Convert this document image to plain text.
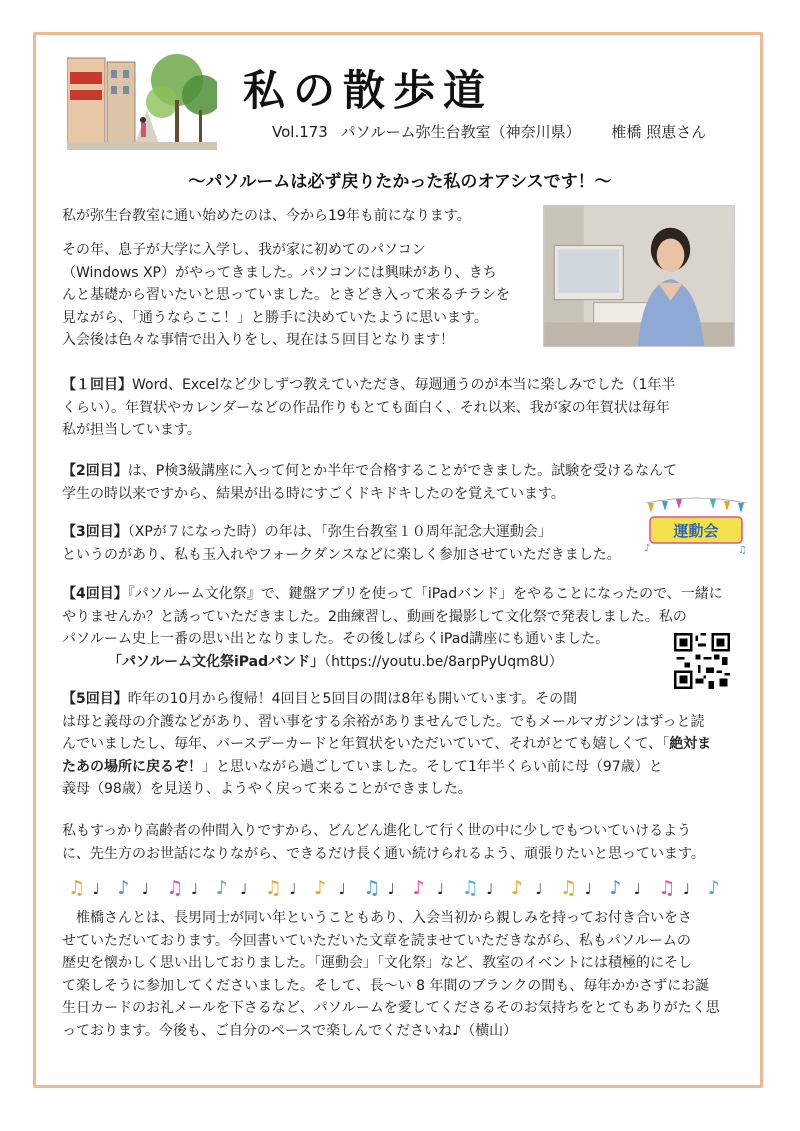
私の散歩道
Vol.173 パソルーム弥生台教室（神奈川県） 椎橋 照恵さん
～パソルームは必ず戻りたかった私のオアシスです！～

私が弥生台教室に通い始めたのは、今から19年も前になります。

その年、息子が大学に入学し、我が家に初めてのパソコン

（Windows XP）がやってきました。パソコンには興味があり、きち

んと基礎から習いたいと思っていました。ときどき入って来るチラシを

見ながら、「通うならここ！」と勝手に決めていたように思います。

入会後は色々な事情で出入りをし、現在は５回目となります！

【１回目】Word、Excelなど少しずつ教えていただき、毎週通うのが本当に楽しみでした（1年半

くらい）。年賀状やカレンダーなどの作品作りもとても面白く、それ以来、我が家の年賀状は毎年

私が担当しています。

【2回目】は、P検3級講座に入って何とか半年で合格することができました。試験を受けるなんて

学生の時以来ですから、結果が出る時にすごくドキドキしたのを覚えています。

【3回目】（XPが７になった時）の年は、「弥生台教室１０周年記念大運動会」

というのがあり、私も玉入れやフォークダンスなどに楽しく参加させていただきました。

運動会
♪	♫

【4回目】『パソルーム文化祭』で、鍵盤アプリを使って「iPadバンド」をやることになったので、一緒に

やりませんか？と誘っていただきました。2曲練習し、動画を撮影して文化祭で発表しました。私の

パソルーム史上一番の思い出となりました。その後しばらくiPad講座にも通いました。

「パソルーム文化祭iPadバンド」（https://youtu.be/8arpPyUqm8U）

【5回目】昨年の10月から復帰！4回目と5回目の間は8年も開いています。その間

は母と義母の介護などがあり、習い事をする余裕がありませんでした。でもメールマガジンはずっと読

んでいましたし、毎年、バースデーカードと年賀状をいただいていて、それがとても嬉しくて、「絶対ま

たあの場所に戻るぞ！」と思いながら過ごしていました。そして1年半くらい前に母（97歳）と

義母（98歳）を見送り、ようやく戻って来ることができました。

私もすっかり高齢者の仲間入りですから、どんどん進化して行く世の中に少しでもついていけるよう

に、先生方のお世話になりながら、できるだけ長く通い続けられるよう、頑張りたいと思っています。

♫ ♩ ♪ ♩ ♫ ♩ ♪ ♩ ♫ ♩ ♪ ♩ ♫ ♩ ♪ ♩ ♫ ♩ ♪ ♩ ♫ ♩ ♪ ♩ ♫ ♩ ♪

椎橋さんとは、長男同士が同い年ということもあり、入会当初から親しみを持ってお付き合いをさ

せていただいております。今回書いていただいた文章を読ませていただきながら、私もパソルームの

歴史を懐かしく思い出しておりました。「運動会」「文化祭」など、教室のイベントには積極的にそし

て楽しそうに参加してくださいました。そして、長～い 8 年間のブランクの間も、毎年かかさずにお誕

生日カードのお礼メールを下さるなど、パソルームを愛してくださるそのお気持ちをとてもありがたく思

っております。今後も、ご自分のペースで楽しんでくださいね♪（横山）
